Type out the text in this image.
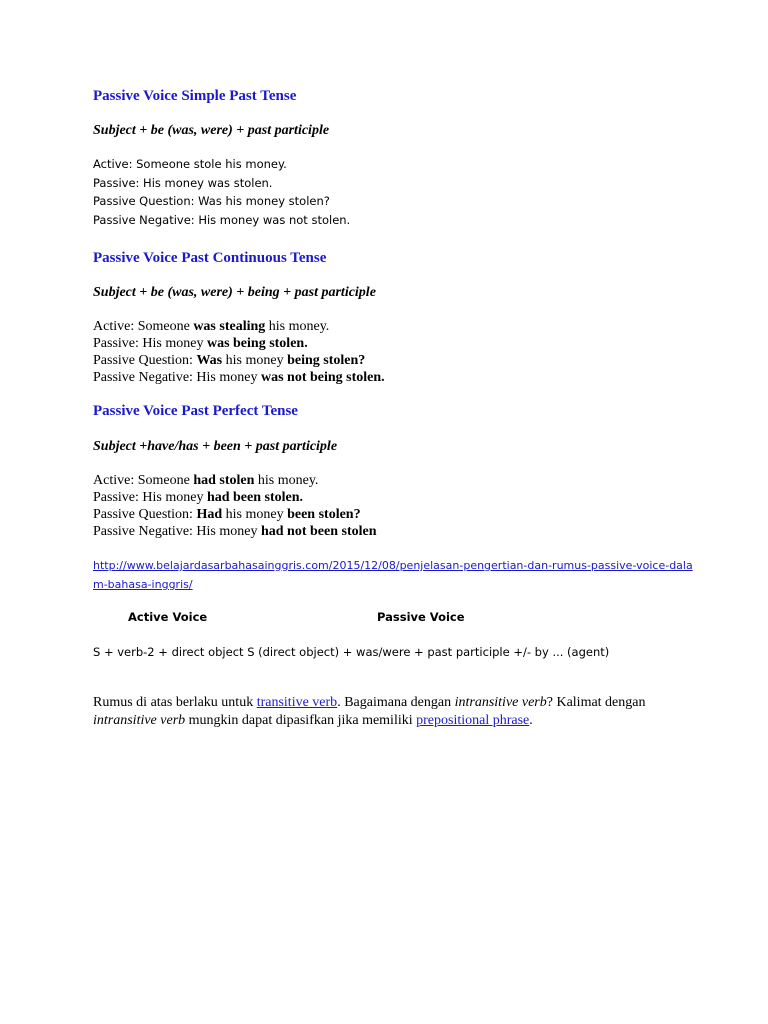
Passive Voice Simple Past Tense
Subject + be (was, were) + past participle
Active: Someone stole his money.
Passive: His money was stolen.
Passive Question: Was his money stolen?
Passive Negative: His money was not stolen.
Passive Voice Past Continuous Tense
Subject + be (was, were) + being + past participle
Active: Someone was stealing his money.
Passive: His money was being stolen.
Passive Question: Was his money being stolen?
Passive Negative: His money was not being stolen.
Passive Voice Past Perfect Tense
Subject +have/has + been + past participle
Active: Someone had stolen his money.
Passive: His money had been stolen.
Passive Question: Had his money been stolen?
Passive Negative: His money had not been stolen
http://www.belajardasarbahasainggris.com/2015/12/08/penjelasan-pengertian-dan-rumus-passive-voice-dalam-bahasa-inggris/
Active Voice	Passive Voice
S + verb-2 + direct object S (direct object) + was/were + past participle +/- by ... (agent)
Rumus di atas berlaku untuk transitive verb. Bagaimana dengan intransitive verb? Kalimat dengan intransitive verb mungkin dapat dipasifkan jika memiliki prepositional phrase.
